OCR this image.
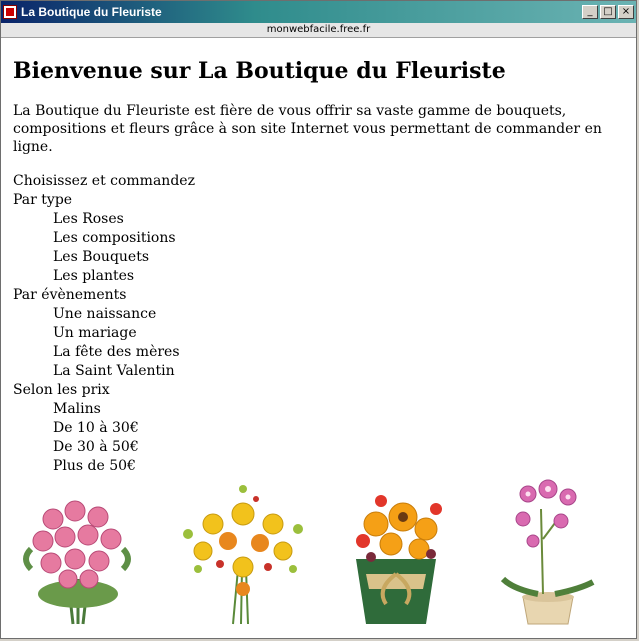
La Boutique du Fleuriste	_	□ ×
monwebfacile.free.fr
Bienvenue sur La Boutique du Fleuriste

La Boutique du Fleuriste est fière de vous offrir sa vaste gamme de bouquets, compositions et fleurs grâce à son site Internet vous permettant de commander en ligne.

Choisissez et commandez
Par type
Les Roses
Les compositions
Les Bouquets
Les plantes
Par évènements
Une naissance
Un mariage
La fête des mères
La Saint Valentin
Selon les prix
Malins
De 10 à 30€
De 30 à 50€
Plus de 50€
